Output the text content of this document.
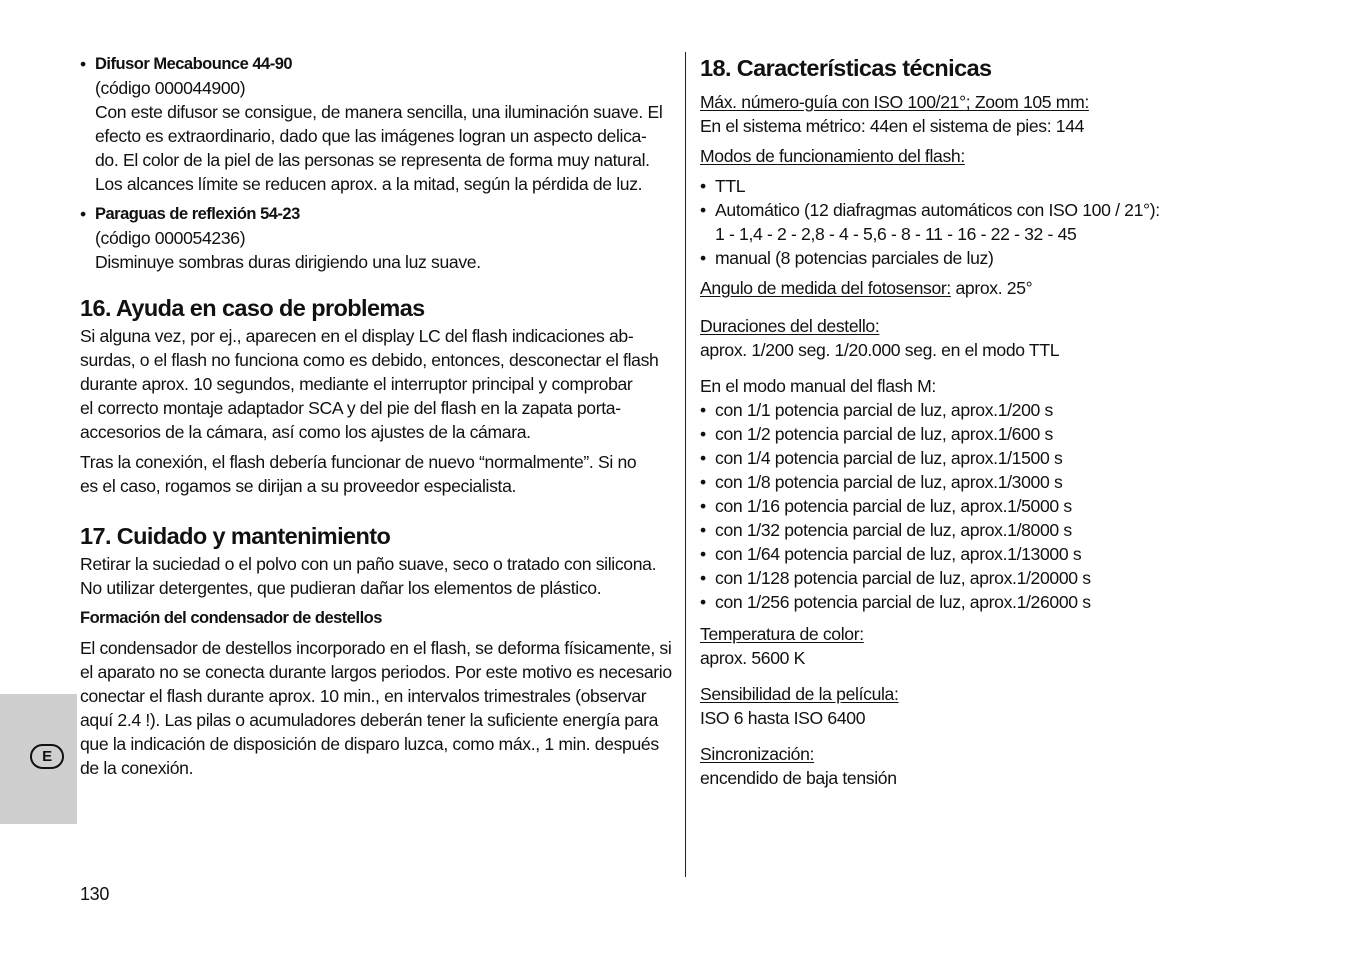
E
• Difusor Mecabounce 44-90
(código 000044900)
Con este difusor se consigue, de manera sencilla, una iluminación suave. El
efecto es extraordinario, dado que las imágenes logran un aspecto delica-
do. El color de la piel de las personas se representa de forma muy natural.
Los alcances límite se reducen aprox. a la mitad, según la pérdida de luz.
• Paraguas de reflexión 54-23
(código 000054236)
Disminuye sombras duras dirigiendo una luz suave.
16. Ayuda en caso de problemas
Si alguna vez, por ej., aparecen en el display LC del flash indicaciones ab-
surdas, o el flash no funciona como es debido, entonces, desconectar el flash
durante aprox. 10 segundos, mediante el interruptor principal y comprobar
el correcto montaje adaptador SCA y del pie del flash en la zapata porta-
accesorios de la cámara, así como los ajustes de la cámara.
Tras la conexión, el flash debería funcionar de nuevo “normalmente”. Si no
es el caso, rogamos se dirijan a su proveedor especialista.
17. Cuidado y mantenimiento
Retirar la suciedad o el polvo con un paño suave, seco o tratado con silicona.
No utilizar detergentes, que pudieran dañar los elementos de plástico.
Formación del condensador de destellos
El condensador de destellos incorporado en el flash, se deforma físicamente, si
el aparato no se conecta durante largos periodos. Por este motivo es necesario
conectar el flash durante aprox. 10 min., en intervalos trimestrales (observar
aquí 2.4 !). Las pilas o acumuladores deberán tener la suficiente energía para
que la indicación de disposición de disparo luzca, como máx., 1 min. después
de la conexión.
18. Características técnicas
Máx. número-guía con ISO 100/21°; Zoom 105 mm:
En el sistema métrico: 44en el sistema de pies: 144
Modos de funcionamiento del flash:
• TTL
• Automático (12 diafragmas automáticos con ISO 100 / 21°):
1 - 1,4 - 2 - 2,8 - 4 - 5,6 - 8 - 11 - 16 - 22 - 32 - 45
• manual (8 potencias parciales de luz)
Angulo de medida del fotosensor: aprox. 25°
Duraciones del destello:
aprox. 1/200 seg. 1/20.000 seg. en el modo TTL
En el modo manual del flash M:
• con 1/1 potencia parcial de luz, aprox.1/200 s
• con 1/2 potencia parcial de luz, aprox.1/600 s
• con 1/4 potencia parcial de luz, aprox.1/1500 s
• con 1/8 potencia parcial de luz, aprox.1/3000 s
• con 1/16 potencia parcial de luz, aprox.1/5000 s
• con 1/32 potencia parcial de luz, aprox.1/8000 s
• con 1/64 potencia parcial de luz, aprox.1/13000 s
• con 1/128 potencia parcial de luz, aprox.1/20000 s
• con 1/256 potencia parcial de luz, aprox.1/26000 s
Temperatura de color:
aprox. 5600 K
Sensibilidad de la película:
ISO 6 hasta ISO 6400
Sincronización:
encendido de baja tensión
130
